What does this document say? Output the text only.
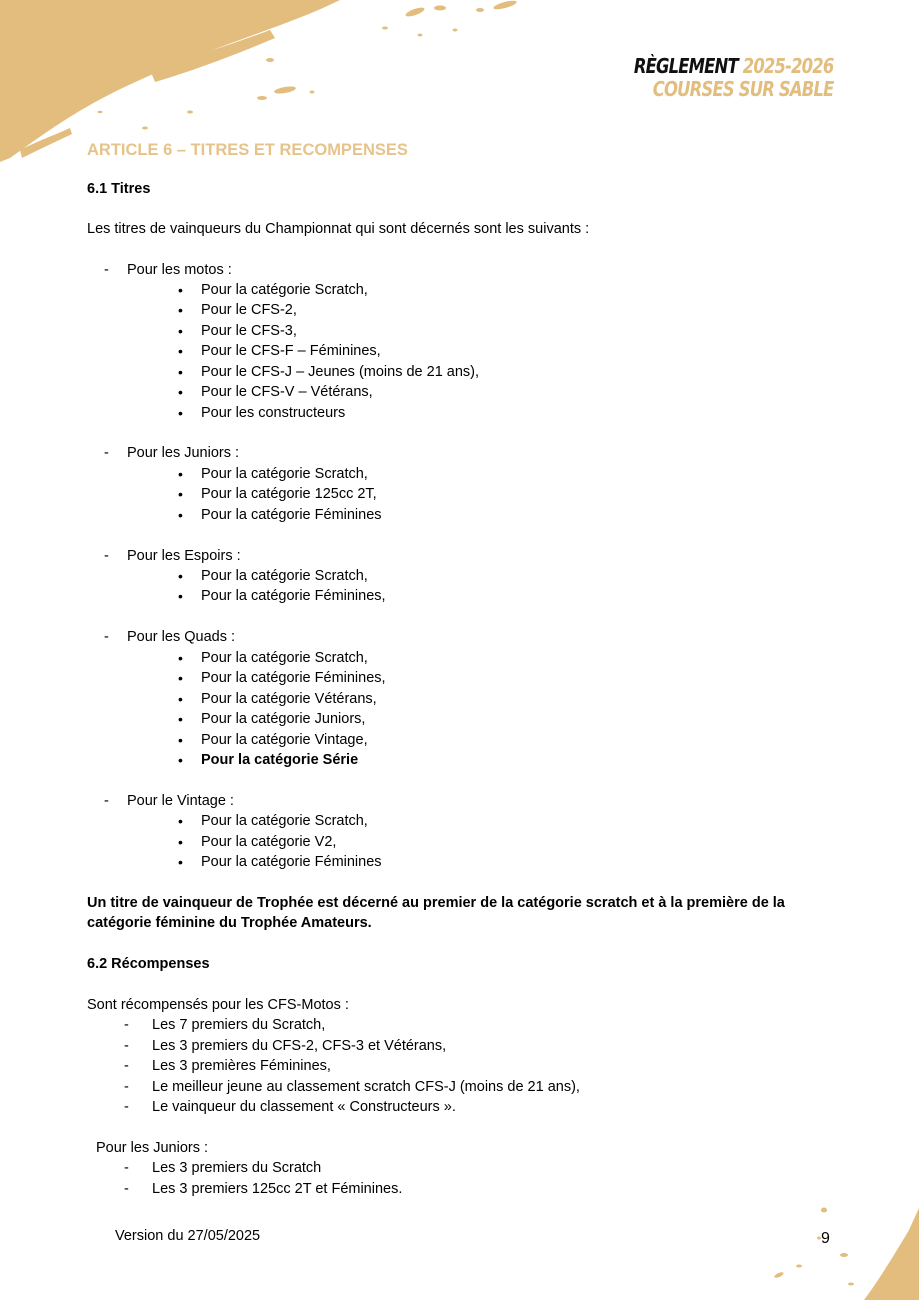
RÈGLEMENT 2025-2026
COURSES SUR SABLE
ARTICLE 6 – TITRES ET RECOMPENSES
6.1 Titres
Les titres de vainqueurs du Championnat qui sont décernés sont les suivants :
- Pour les motos :
• Pour la catégorie Scratch,
• Pour le CFS-2,
• Pour le CFS-3,
• Pour le CFS-F – Féminines,
• Pour le CFS-J – Jeunes (moins de 21 ans),
• Pour le CFS-V – Vétérans,
• Pour les constructeurs
- Pour les Juniors :
• Pour la catégorie Scratch,
• Pour la catégorie 125cc 2T,
• Pour la catégorie Féminines
- Pour les Espoirs :
• Pour la catégorie Scratch,
• Pour la catégorie Féminines,
- Pour les Quads :
• Pour la catégorie Scratch,
• Pour la catégorie Féminines,
• Pour la catégorie Vétérans,
• Pour la catégorie Juniors,
• Pour la catégorie Vintage,
• Pour la catégorie Série
- Pour le Vintage :
• Pour la catégorie Scratch,
• Pour la catégorie V2,
• Pour la catégorie Féminines
Un titre de vainqueur de Trophée est décerné au premier de la catégorie scratch et à la première de la
catégorie féminine du Trophée Amateurs.
6.2 Récompenses
Sont récompensés pour les CFS-Motos :
- Les 7 premiers du Scratch,
- Les 3 premiers du CFS-2, CFS-3 et Vétérans,
- Les 3 premières Féminines,
- Le meilleur jeune au classement scratch CFS-J (moins de 21 ans),
- Le vainqueur du classement « Constructeurs ».
Pour les Juniors :
- Les 3 premiers du Scratch
- Les 3 premiers 125cc 2T et Féminines.
Version du 27/05/2025	9
